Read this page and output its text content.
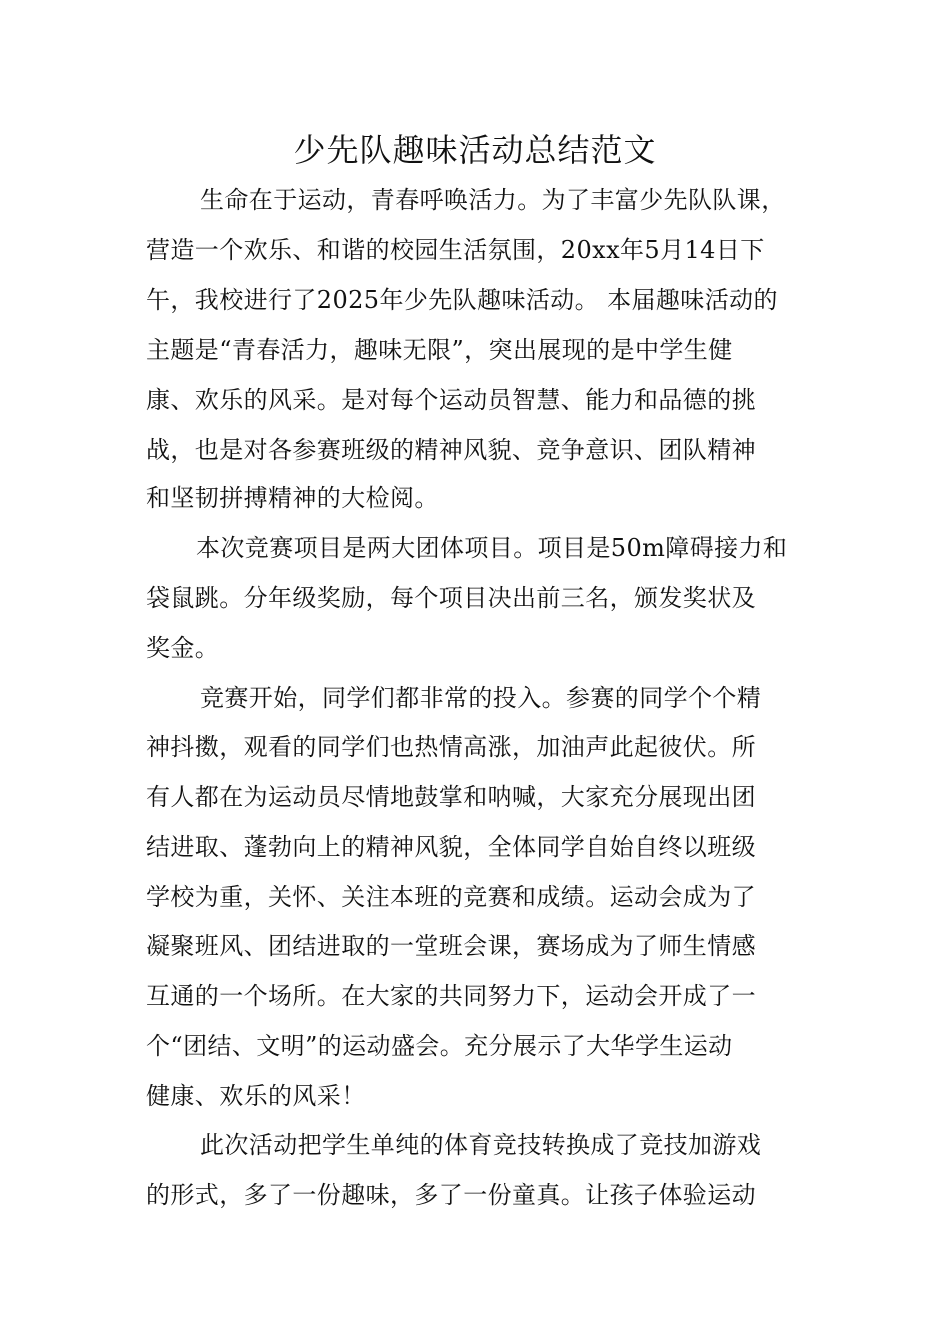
少先队趣味活动总结范文
生命在于运动，青春呼唤活力。为了丰富少先队队课，
营造一个欢乐、和谐的校园生活氛围，20xx年5月14日下
午，我校进行了2025年少先队趣味活动。 本届趣味活动的
主题是“青春活力，趣味无限”，突出展现的是中学生健
康、欢乐的风采。是对每个运动员智慧、能力和品德的挑
战，也是对各参赛班级的精神风貌、竞争意识、团队精神
和坚韧拼搏精神的大检阅。
本次竞赛项目是两大团体项目。项目是50m障碍接力和
袋鼠跳。分年级奖励，每个项目决出前三名，颁发奖状及
奖金。
竞赛开始，同学们都非常的投入。参赛的同学个个精
神抖擞，观看的同学们也热情高涨，加油声此起彼伏。所
有人都在为运动员尽情地鼓掌和呐喊，大家充分展现出团
结进取、蓬勃向上的精神风貌，全体同学自始自终以班级
学校为重，关怀、关注本班的竞赛和成绩。运动会成为了
凝聚班风、团结进取的一堂班会课，赛场成为了师生情感
互通的一个场所。在大家的共同努力下，运动会开成了一
个“团结、文明”的运动盛会。充分展示了大华学生运动
健康、欢乐的风采！
此次活动把学生单纯的体育竞技转换成了竞技加游戏
的形式，多了一份趣味，多了一份童真。让孩子体验运动
